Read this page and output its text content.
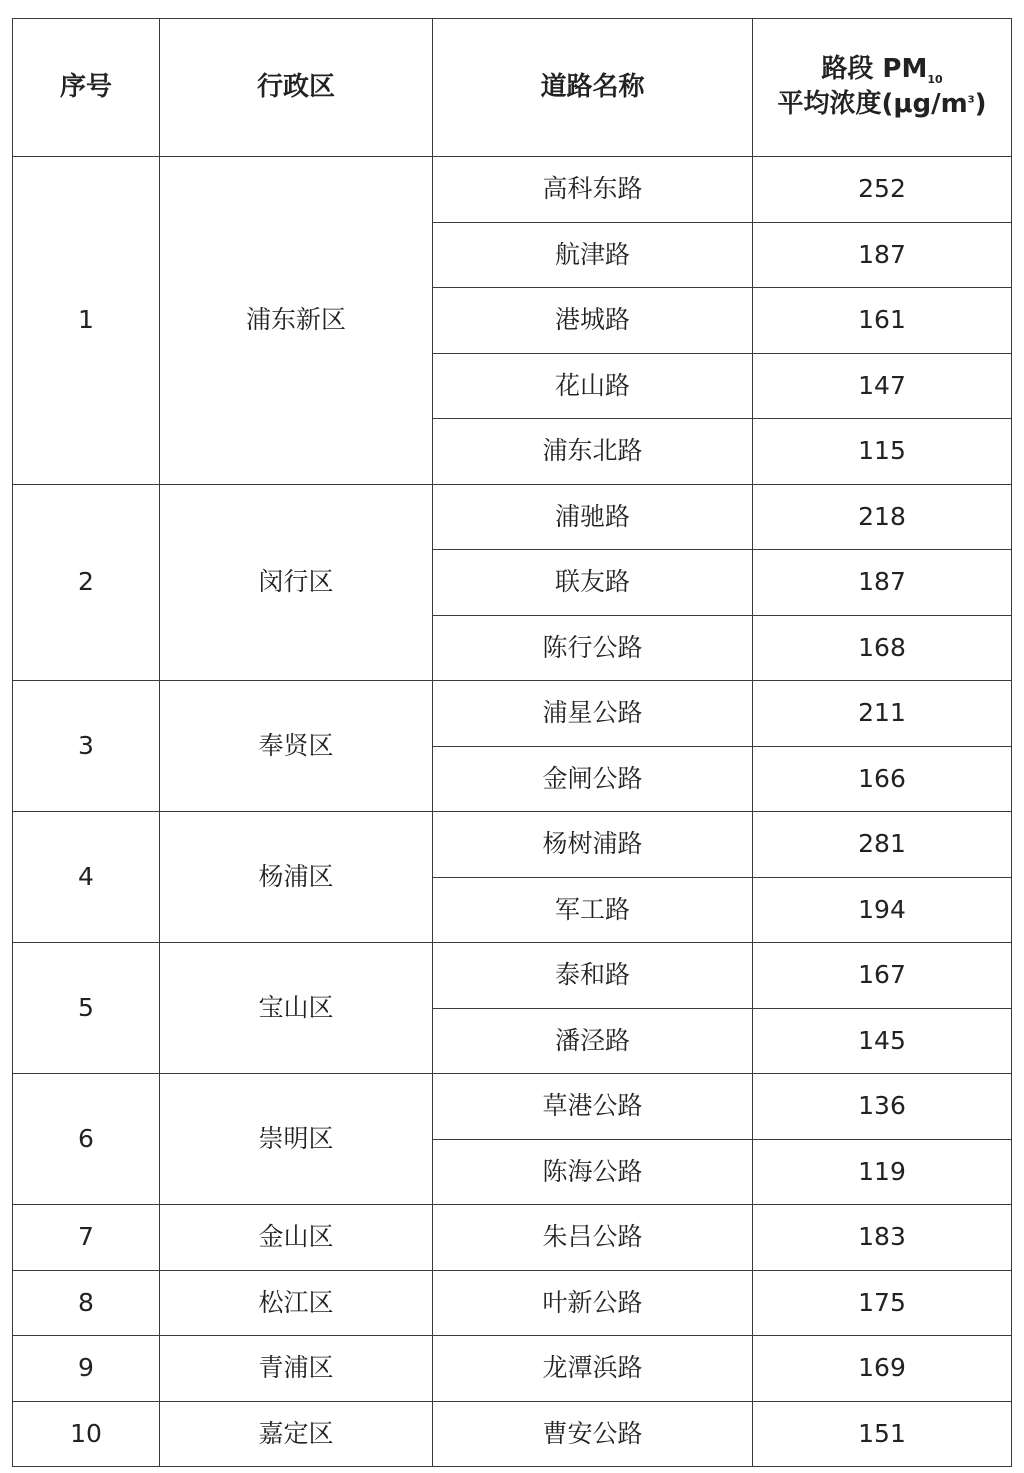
序号	行政区	道路名称	路段 $PM_{10}$
平均浓度$(\mu g/m^3)$

1	浦东新区	高科东路	252
		航津路	187
		港城路	161
		花山路	147
		浦东北路	115
2	闵行区	浦驰路	218
		联友路	187
		陈行公路	168
3	奉贤区	浦星公路	211
		金闸公路	166
4	杨浦区	杨树浦路	281
		军工路	194
5	宝山区	泰和路	167
		潘泾路	145
6	崇明区	草港公路	136
		陈海公路	119
7	金山区	朱吕公路	183
8	松江区	叶新公路	175
9	青浦区	龙潭浜路	169
10	嘉定区	曹安公路	151
